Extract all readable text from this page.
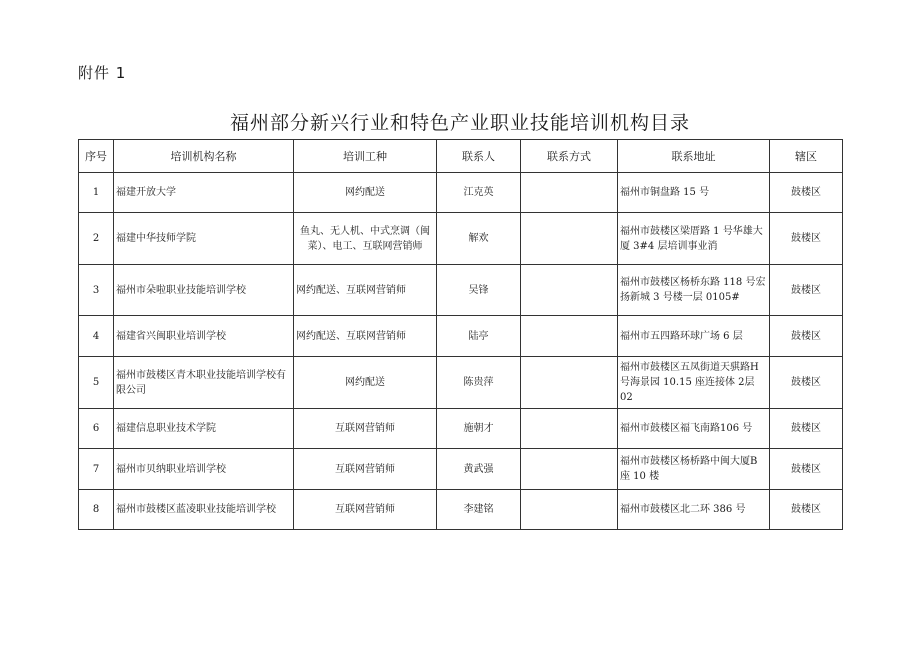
附件 1
福州部分新兴行业和特色产业职业技能培训机构目录
序号	培训机构名称	培训工种	联系人	联系方式	联系地址	辖区
1	福建开放大学	网约配送	江克英		福州市铜盘路 15 号	鼓楼区
2	福建中华技师学院	鱼丸、无人机、中式烹调（闽菜）、电工、互联网营销师	解欢		福州市鼓楼区梁厝路 1 号华雄大厦 3#4 层培训事业消	鼓楼区
3	福州市朵啦职业技能培训学校	网约配送、互联网营销师	吴锋		福州市鼓楼区杨桥东路 118 号宏扬新城 3 号楼一层 0105#	鼓楼区
4	福建省兴闽职业培训学校	网约配送、互联网营销师	陆亭		福州市五四路环球广场 6 层	鼓楼区
5	福州市鼓楼区青木职业技能培训学校有限公司	网约配送	陈贵萍		福州市鼓楼区五凤街道天骐路H 号海景园 10.15 座连接体 2层 02	鼓楼区
6	福建信息职业技术学院	互联网营销师	施朝才		福州市鼓楼区福飞南路106 号	鼓楼区
7	福州市贝纳职业培训学校	互联网营销师	黄武强		福州市鼓楼区杨桥路中闽大厦B 座 10 楼	鼓楼区
8	福州市鼓楼区蓝凌职业技能培训学校	互联网营销师	李建铭		福州市鼓楼区北二环 386 号	鼓楼区
